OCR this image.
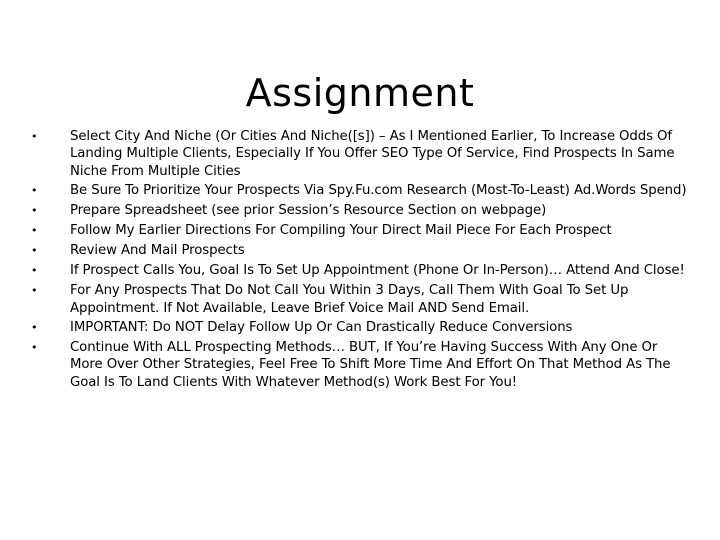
Assignment
•	Select City And Niche (Or Cities And Niche([s]) – As I Mentioned Earlier, To Increase Odds Of Landing Multiple Clients, Especially If You Offer SEO Type Of Service, Find Prospects In Same Niche From Multiple Cities
•	Be Sure To Prioritize Your Prospects Via Spy.Fu.com Research (Most-To-Least) Ad.Words Spend)
•	Prepare Spreadsheet (see prior Session’s Resource Section on webpage)
•	Follow My Earlier Directions For Compiling Your Direct Mail Piece For Each Prospect
•	Review And Mail Prospects
•	If Prospect Calls You, Goal Is To Set Up Appointment (Phone Or In-Person)… Attend And Close!
•	For Any Prospects That Do Not Call You Within 3 Days, Call Them With Goal To Set Up Appointment. If Not Available, Leave Brief Voice Mail AND Send Email.
•	IMPORTANT: Do NOT Delay Follow Up Or Can Drastically Reduce Conversions
•	Continue With ALL Prospecting Methods… BUT, If You’re Having Success With Any One Or More Over Other Strategies, Feel Free To Shift More Time And Effort On That Method As The Goal Is To Land Clients With Whatever Method(s) Work Best For You!
